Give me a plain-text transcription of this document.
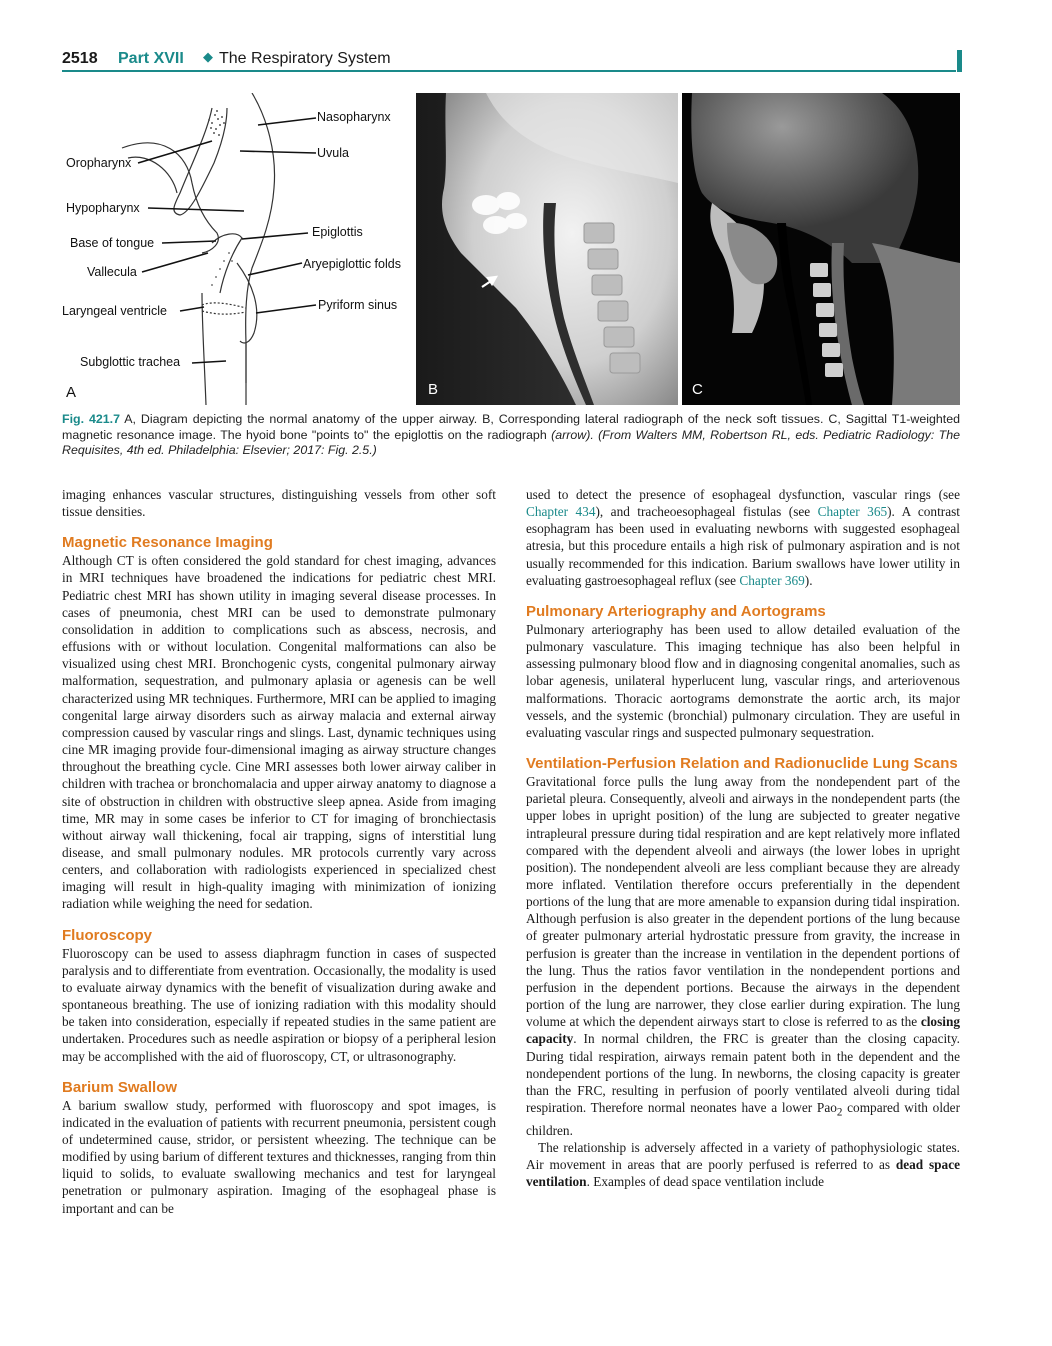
2518 Part XVII ◆ The Respiratory System
Nasopharynx
Uvula
Oropharynx
Hypopharynx
Epiglottis
Base of tongue
Aryepiglottic folds
Vallecula
Pyriform sinus
Laryngeal ventricle
Subglottic trachea
A	B	C
Fig. 421.7 A, Diagram depicting the normal anatomy of the upper airway. B, Corresponding lateral radiograph of the neck soft tissues. C, Sagittal T1-weighted magnetic resonance image. The hyoid bone "points to" the epiglottis on the radiograph (arrow). (From Walters MM, Robertson RL, eds. Pediatric Radiology: The Requisites, 4th ed. Philadelphia: Elsevier; 2017: Fig. 2.5.)

imaging enhances vascular structures, distinguishing vessels from other soft tissue densities.

Magnetic Resonance Imaging

Although CT is often considered the gold standard for chest imaging, advances in MRI techniques have broadened the indications for pediatric chest MRI. Pediatric chest MRI has shown utility in imaging several disease processes. In cases of pneumonia, chest MRI can be used to demonstrate pulmonary consolidation in addition to complications such as abscess, necrosis, and effusions with or without loculation. Congenital malformations can also be visualized using chest MRI. Bronchogenic cysts, congenital pulmonary airway malformation, sequestration, and pulmonary aplasia or agenesis can be well characterized using MR techniques. Furthermore, MRI can be applied to imaging congenital large airway disorders such as airway malacia and external airway compression caused by vascular rings and slings. Last, dynamic techniques using cine MR imaging provide four-dimensional imaging as airway structure changes throughout the breathing cycle. Cine MRI assesses both lower airway caliber in children with trachea or bronchomalacia and upper airway anatomy to diagnose a site of obstruction in children with obstructive sleep apnea. Aside from imaging time, MR may in some cases be inferior to CT for imaging of bronchiectasis without airway wall thickening, focal air trapping, signs of interstitial lung disease, and small pulmonary nodules. MR protocols currently vary across centers, and collaboration with radiologists experienced in specialized chest imaging will result in high-quality imaging with minimization of ionizing radiation while weighing the need for sedation.

Fluoroscopy

Fluoroscopy can be used to assess diaphragm function in cases of suspected paralysis and to differentiate from eventration. Occasionally, the modality is used to evaluate airway dynamics with the benefit of visualization during awake and spontaneous breathing. The use of ionizing radiation with this modality should be taken into consideration, especially if repeated studies in the same patient are undertaken. Procedures such as needle aspiration or biopsy of a peripheral lesion may be accomplished with the aid of fluoroscopy, CT, or ultrasonography.

Barium Swallow

A barium swallow study, performed with fluoroscopy and spot images, is indicated in the evaluation of patients with recurrent pneumonia, persistent cough of undetermined cause, stridor, or persistent wheezing. The technique can be modified by using barium of different textures and thicknesses, ranging from thin liquid to solids, to evaluate swallowing mechanics and test for laryngeal penetration or pulmonary aspiration. Imaging of the esophageal phase is important and can be

used to detect the presence of esophageal dysfunction, vascular rings (see Chapter 434), and tracheoesophageal fistulas (see Chapter 365). A contrast esophagram has been used in evaluating newborns with suggested esophageal atresia, but this procedure entails a high risk of pulmonary aspiration and is not usually recommended for this indication. Barium swallows have lower utility in evaluating gastroesophageal reflux (see Chapter 369).

Pulmonary Arteriography and Aortograms

Pulmonary arteriography has been used to allow detailed evaluation of the pulmonary vasculature. This imaging technique has also been helpful in assessing pulmonary blood flow and in diagnosing congenital anomalies, such as lobar agenesis, unilateral hyperlucent lung, vascular rings, and arteriovenous malformations. Thoracic aortograms demonstrate the aortic arch, its major vessels, and the systemic (bronchial) pulmonary circulation. They are useful in evaluating vascular rings and suspected pulmonary sequestration.

Ventilation-Perfusion Relation and Radionuclide Lung Scans

Gravitational force pulls the lung away from the nondependent part of the parietal pleura. Consequently, alveoli and airways in the nondependent parts (the upper lobes in upright position) of the lung are subjected to greater negative intrapleural pressure during tidal respiration and are kept relatively more inflated compared with the dependent alveoli and airways (the lower lobes in upright position). The nondependent alveoli are less compliant because they are already more inflated. Ventilation therefore occurs preferentially in the dependent portions of the lung that are more amenable to expansion during tidal inspiration. Although perfusion is also greater in the dependent portions of the lung because of greater pulmonary arterial hydrostatic pressure from gravity, the increase in perfusion is greater than the increase in ventilation in the dependent portions of the lung. Thus the ratios favor ventilation in the nondependent portions and perfusion in the dependent portions. Because the airways in the dependent portion of the lung are narrower, they close earlier during expiration. The lung volume at which the dependent airways start to close is referred to as the closing capacity. In normal children, the FRC is greater than the closing capacity. During tidal respiration, airways remain patent both in the dependent and the nondependent portions of the lung. In newborns, the closing capacity is greater than the FRC, resulting in perfusion of poorly ventilated alveoli during tidal respiration. Therefore normal neonates have a lower Pao$_2$ compared with older children.

The relationship is adversely affected in a variety of pathophysiologic states. Air movement in areas that are poorly perfused is referred to as dead space ventilation. Examples of dead space ventilation include
